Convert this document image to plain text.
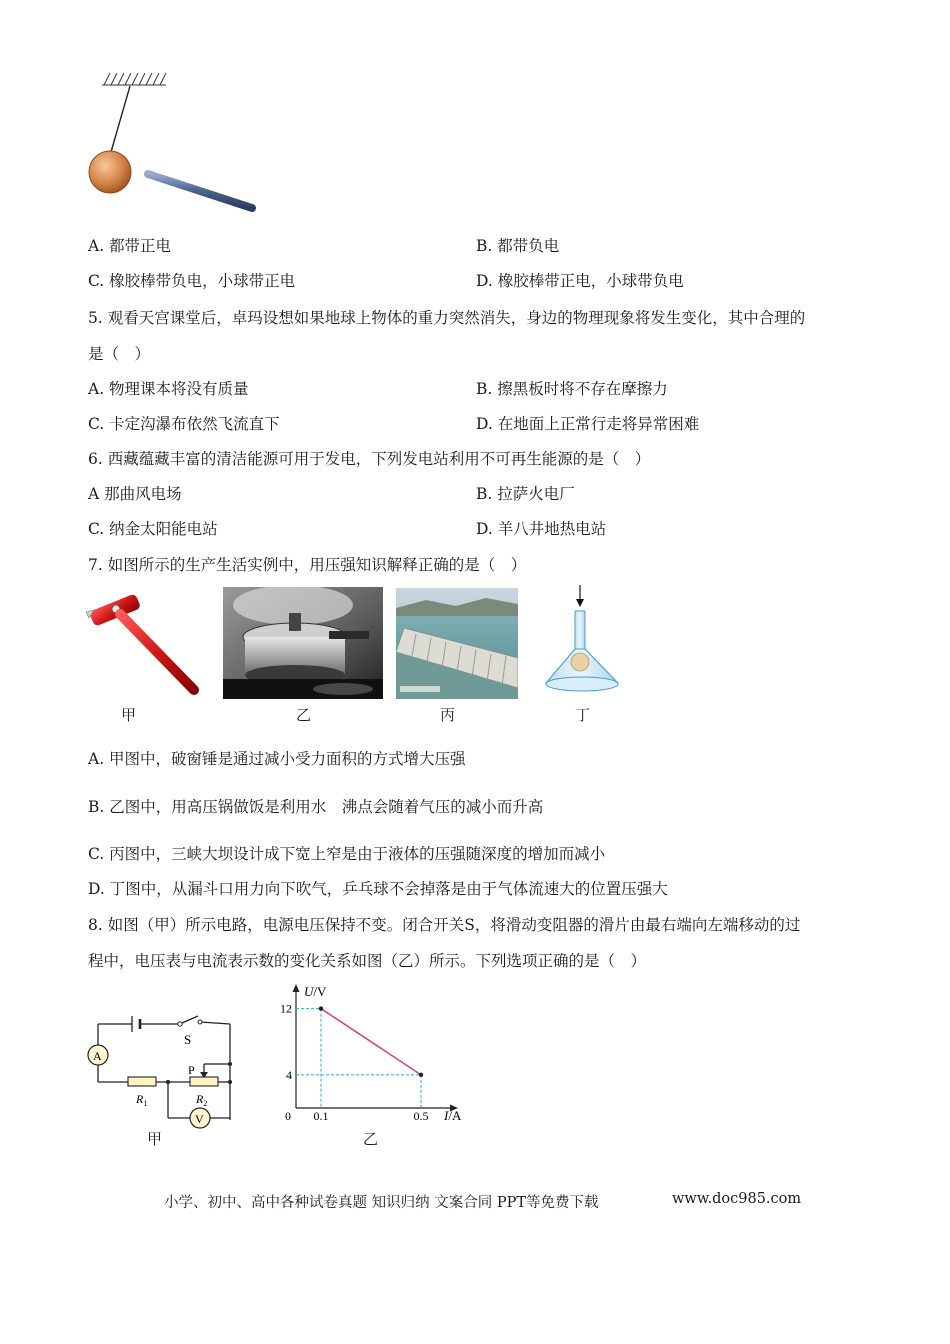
A. 都带正电	B. 都带负电
C. 橡胶棒带负电，小球带正电	D. 橡胶棒带正电，小球带负电
5. 观看天宫课堂后，卓玛设想如果地球上物体的重力突然消失，身边的物理现象将发生变化，其中合理的
是（　）
A. 物理课本将没有质量	B. 擦黑板时将不存在摩擦力
C. 卡定沟瀑布依然飞流直下	D. 在地面上正常行走将异常困难
6. 西藏蕴藏丰富的清洁能源可用于发电，下列发电站利用不可再生能源的是（　）
A 那曲风电场	B. 拉萨火电厂
C. 纳金太阳能电站	D. 羊八井地热电站
7. 如图所示的生产生活实例中，用压强知识解释正确的是（　）
甲	乙	丙	丁
A. 甲图中，破窗锤是通过减小受力面积的方式增大压强
B. 乙图中，用高压锅做饭是利用水　沸点会随着气压的减小而升高
C. 丙图中，三峡大坝设计成下宽上窄是由于液体的压强随深度的增加而减小
D. 丁图中，从漏斗口用力向下吹气，乒乓球不会掉落是由于气体流速大的位置压强大
8. 如图（甲）所示电路，电源电压保持不变。闭合开关S，将滑动变阻器的滑片由最右端向左端移动的过
程中，电压表与电流表示数的变化关系如图（乙）所示。下列选项正确的是（　）
S
A
$R_1$
P
$R_2$
V
甲
U/V
I/A
0 0.1	0.5
12
4
乙
小学、初中、高中各种试卷真题 知识归纳 文案合同 PPT等免费下载	www.doc985.com
